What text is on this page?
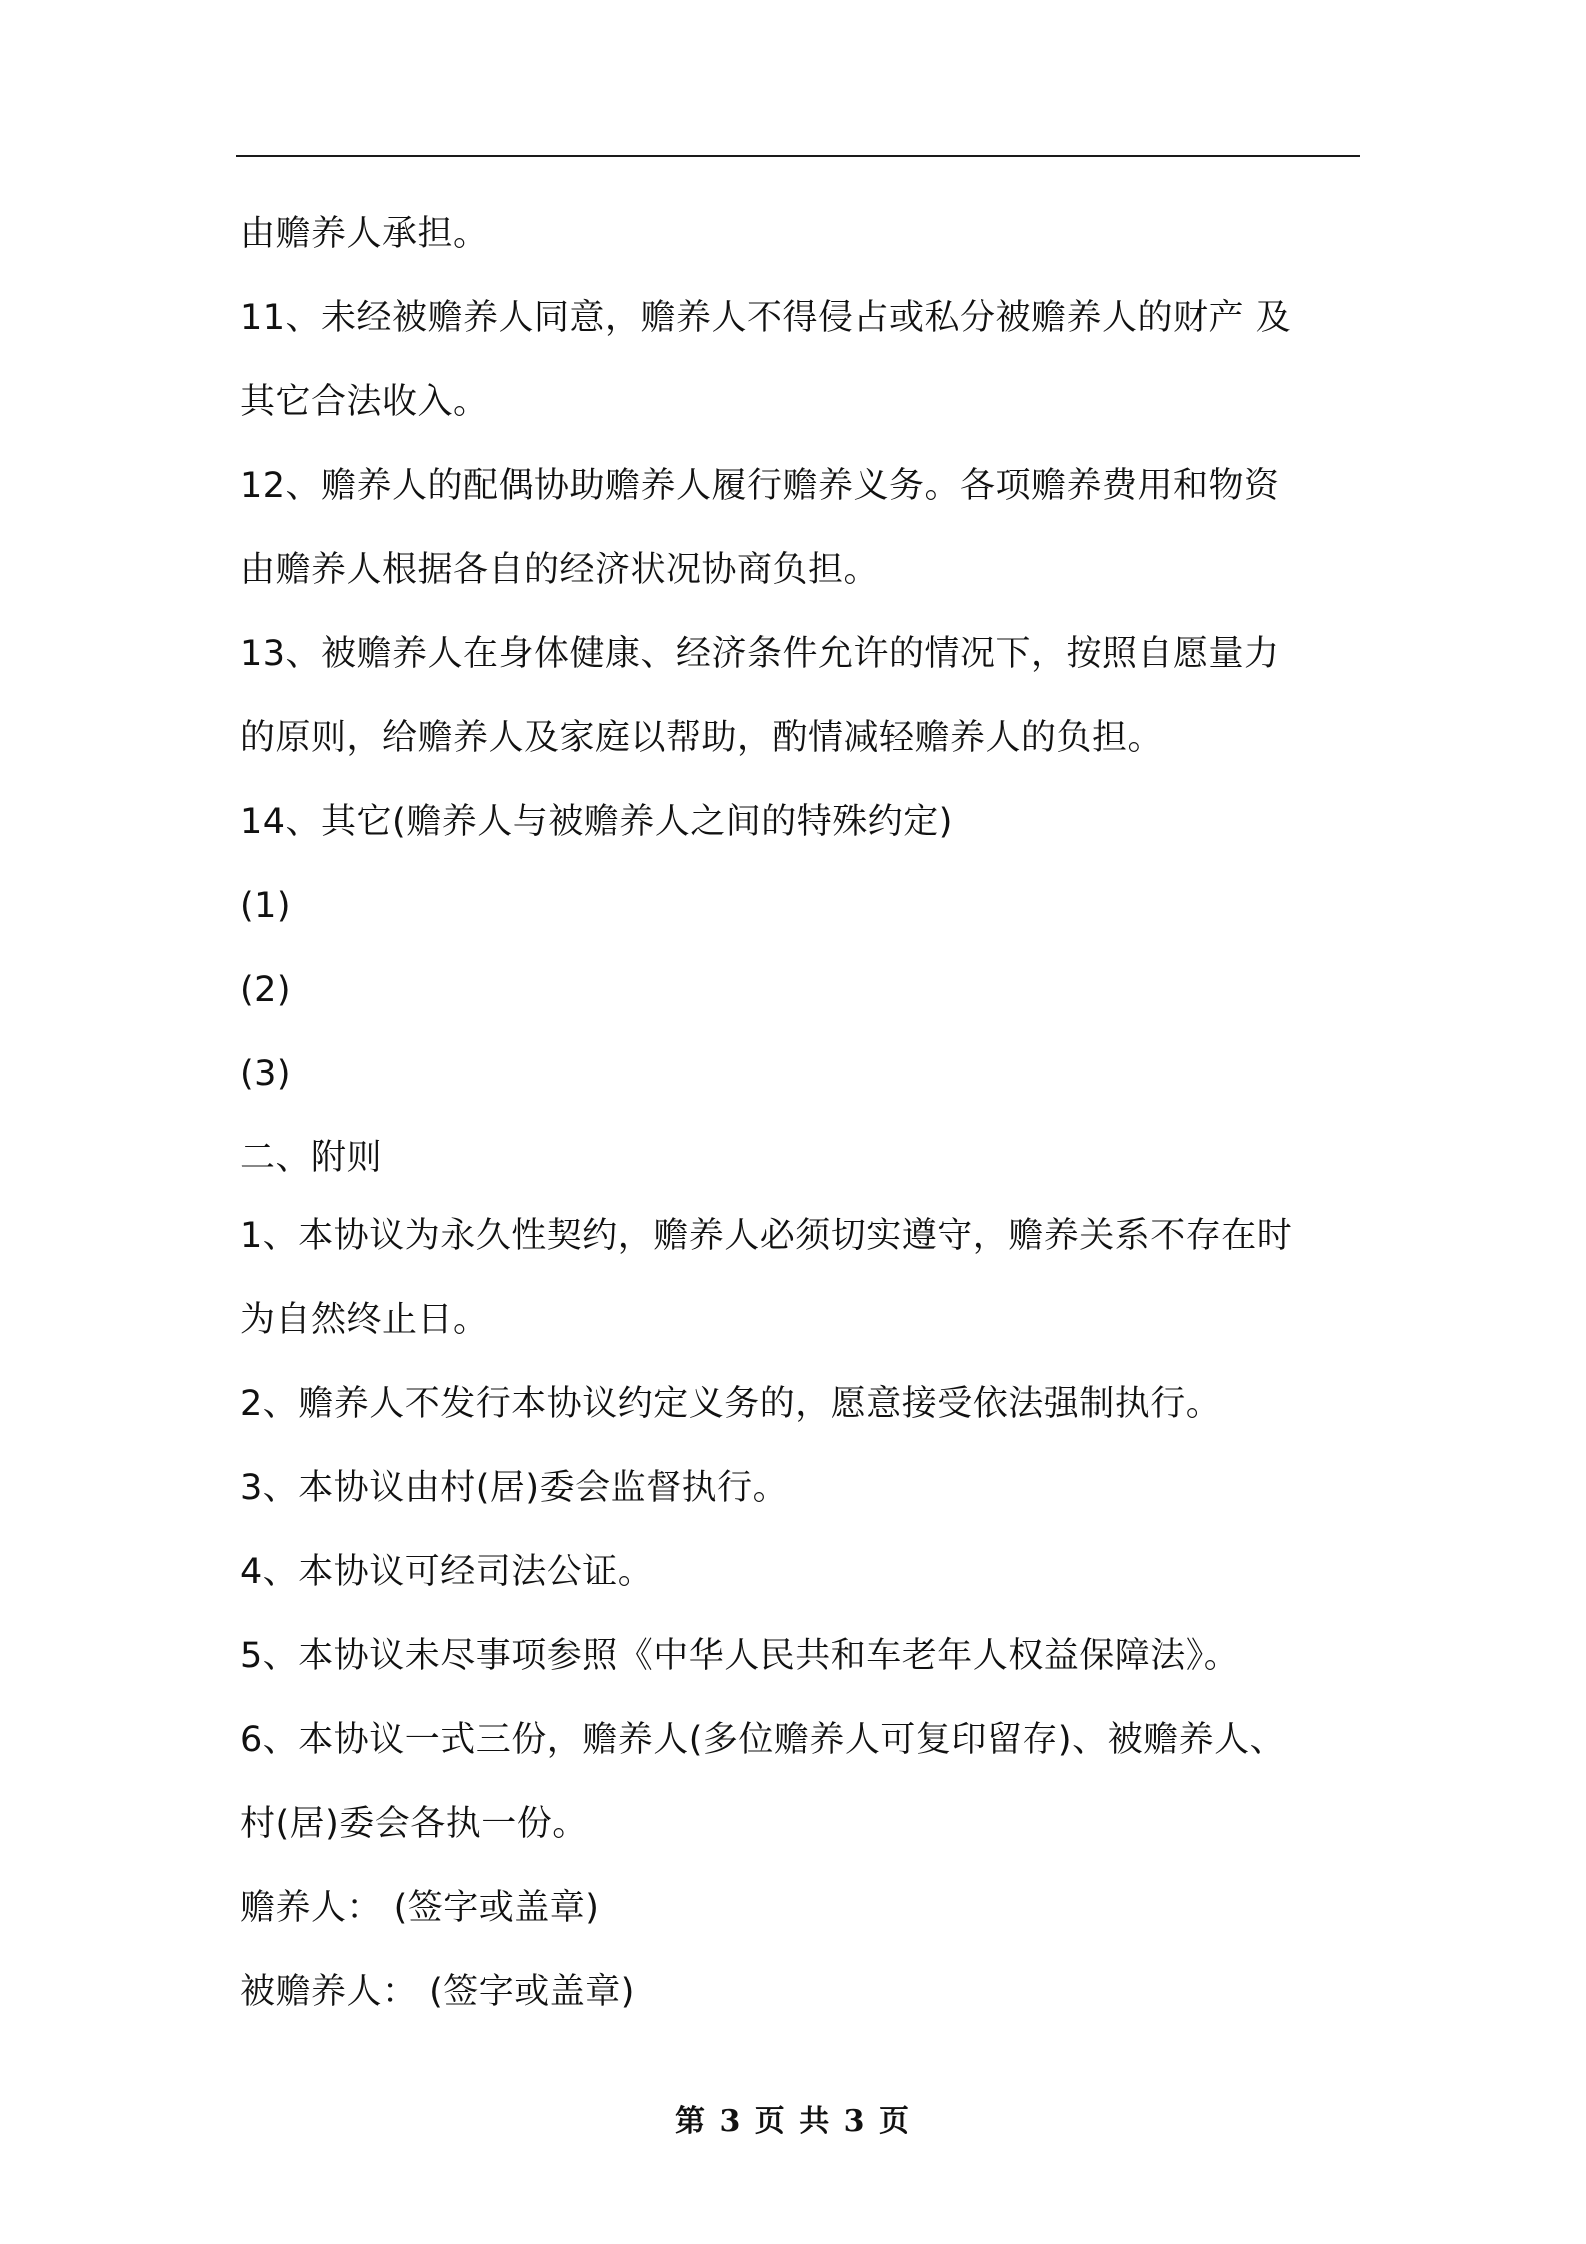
由赡养人承担。
11、未经被赡养人同意，赡养人不得侵占或私分被赡养人的财产 及
其它合法收入。
12、赡养人的配偶协助赡养人履行赡养义务。各项赡养费用和物资
由赡养人根据各自的经济状况协商负担。
13、被赡养人在身体健康、经济条件允许的情况下，按照自愿量力
的原则，给赡养人及家庭以帮助，酌情减轻赡养人的负担。
14、其它(赡养人与被赡养人之间的特殊约定)
(1)
(2)
(3)
二、附则
1、本协议为永久性契约，赡养人必须切实遵守，赡养关系不存在时
为自然终止日。
2、赡养人不发行本协议约定义务的，愿意接受依法强制执行。
3、本协议由村(居)委会监督执行。
4、本协议可经司法公证。
5、本协议未尽事项参照《中华人民共和车老年人权益保障法》。
6、本协议一式三份，赡养人(多位赡养人可复印留存)、被赡养人、
村(居)委会各执一份。
赡养人： (签字或盖章)
被赡养人： (签字或盖章)
第 3 页 共 3 页
